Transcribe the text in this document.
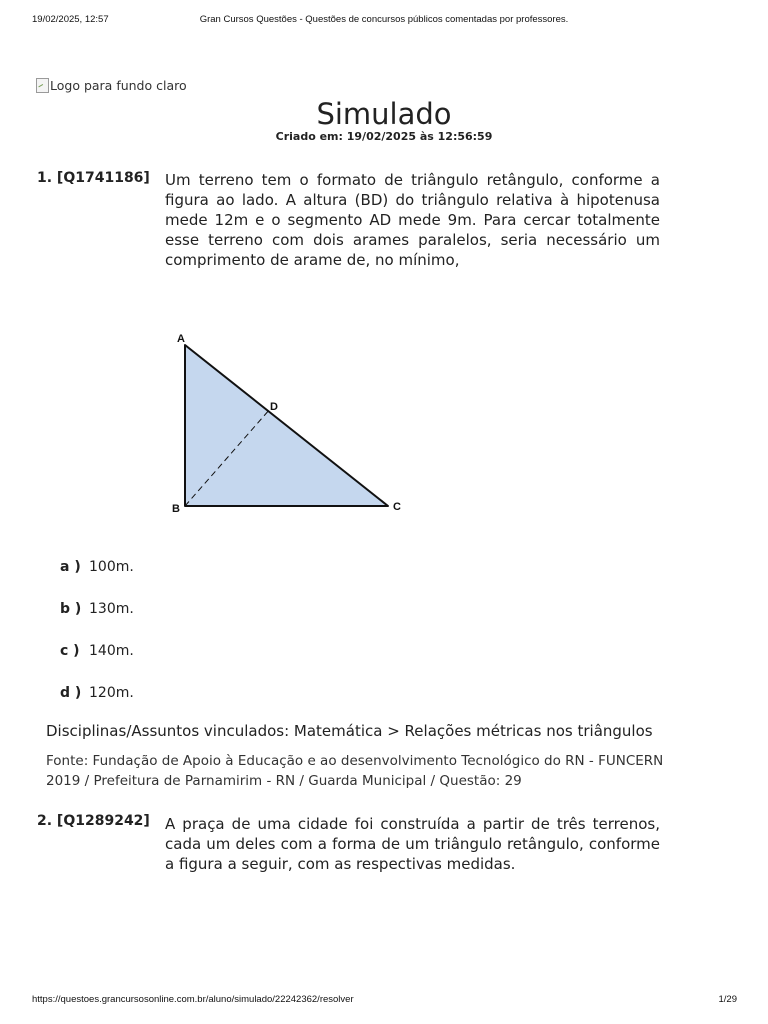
19/02/2025, 12:57	Gran Cursos Questões - Questões de concursos públicos comentadas por professores.
Logo para fundo claro
Simulado
Criado em: 19/02/2025 às 12:56:59
1. [Q1741186] Um terreno tem o formato de triângulo retângulo, conforme a figura ao lado. A altura (BD) do triângulo relativa à hipotenusa mede 12m e o segmento AD mede 9m. Para cercar totalmente esse terreno com dois arames paralelos, seria necessário um comprimento de arame de, no mínimo,
A
D
B	C
a ) 100m.
b ) 130m.
c ) 140m.
d ) 120m.
Disciplinas/Assuntos vinculados: Matemática > Relações métricas nos triângulos
Fonte: Fundação de Apoio à Educação e ao desenvolvimento Tecnológico do RN - FUNCERN 2019 / Prefeitura de Parnamirim - RN / Guarda Municipal / Questão: 29
2. [Q1289242] A praça de uma cidade foi construída a partir de três terrenos, cada um deles com a forma de um triângulo retângulo, conforme a figura a seguir, com as respectivas medidas.
https://questoes.grancursosonline.com.br/aluno/simulado/22242362/resolver	1/29
